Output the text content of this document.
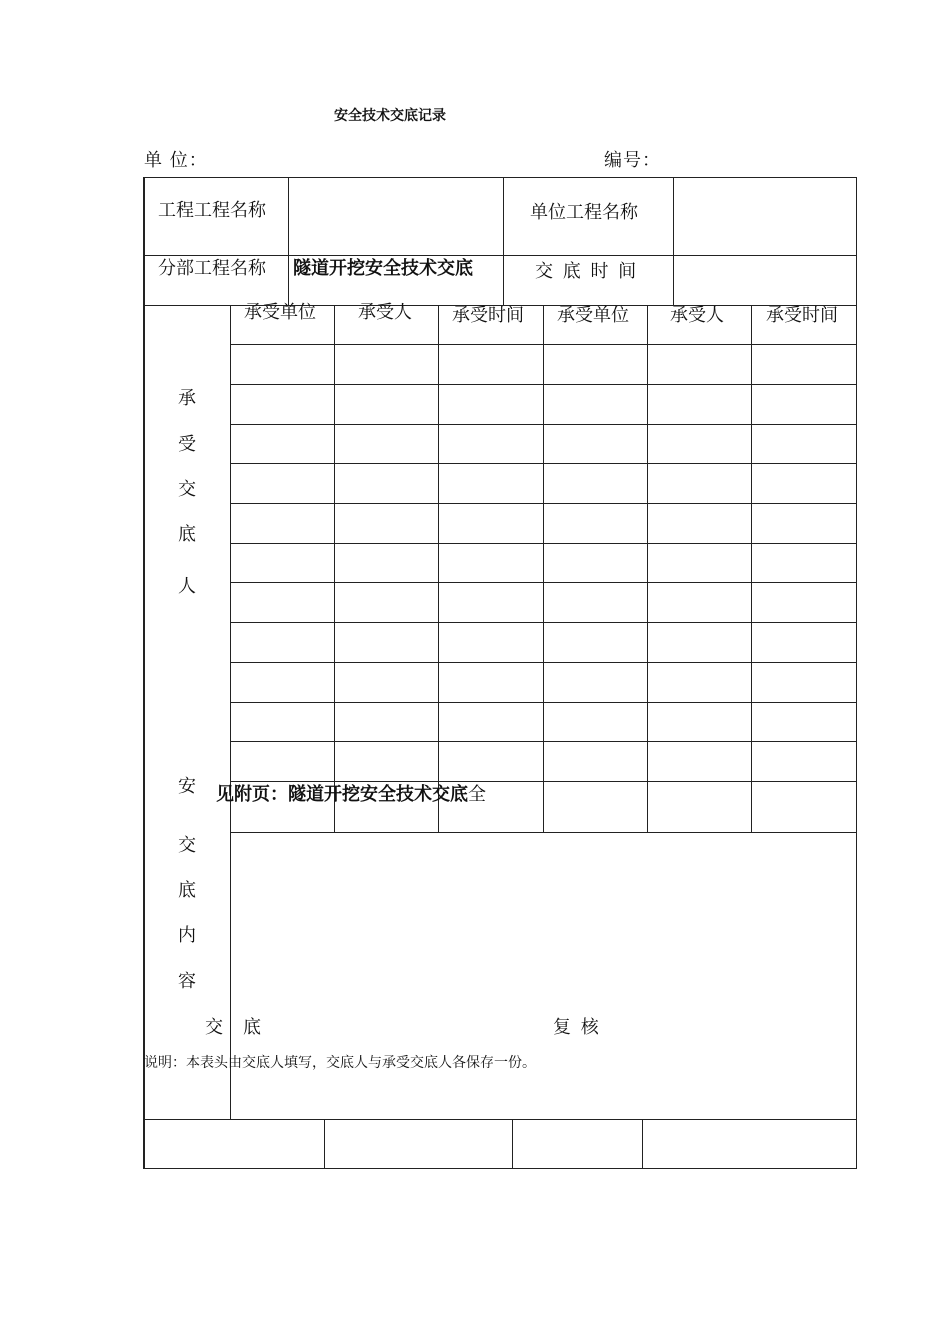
安全技术交底记录
单 位：	编号：
工程工程名称	单位工程名称
分部工程名称 隧道开挖安全技术交底	交 底 时 间
承受单位 承受人 承受时间 承受单位 承受人 承受时间
承
受
交
底
人
安
交
底
内
容
见附页：隧道开挖安全技术交底全
交 底	复 核
说明：本表头由交底人填写，交底人与承受交底人各保存一份。
